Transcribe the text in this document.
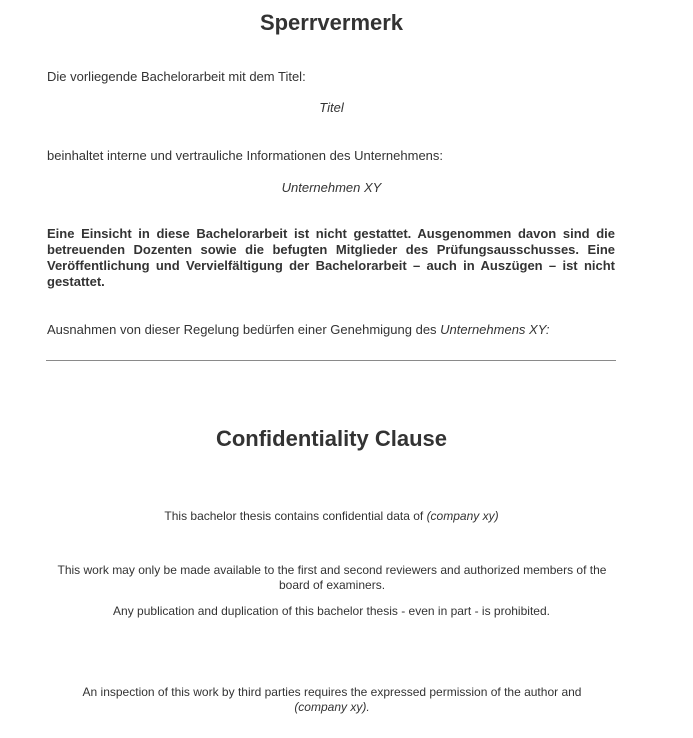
Sperrvermerk
Die vorliegende Bachelorarbeit mit dem Titel:
Titel
beinhaltet interne und vertrauliche Informationen des Unternehmens:
Unternehmen XY
Eine Einsicht in diese Bachelorarbeit ist nicht gestattet. Ausgenommen davon sind die betreuenden Dozenten sowie die befugten Mitglieder des Prüfungsausschusses. Eine Veröffentlichung und Vervielfältigung der Bachelorarbeit – auch in Auszügen – ist nicht gestattet.
Ausnahmen von dieser Regelung bedürfen einer Genehmigung des Unternehmens XY:
Confidentiality Clause
This bachelor thesis contains confidential data of (company xy)
This work may only be made available to the first and second reviewers and authorized members of the board of examiners.
Any publication and duplication of this bachelor thesis - even in part - is prohibited.
An inspection of this work by third parties requires the expressed permission of the author and
(company xy).
